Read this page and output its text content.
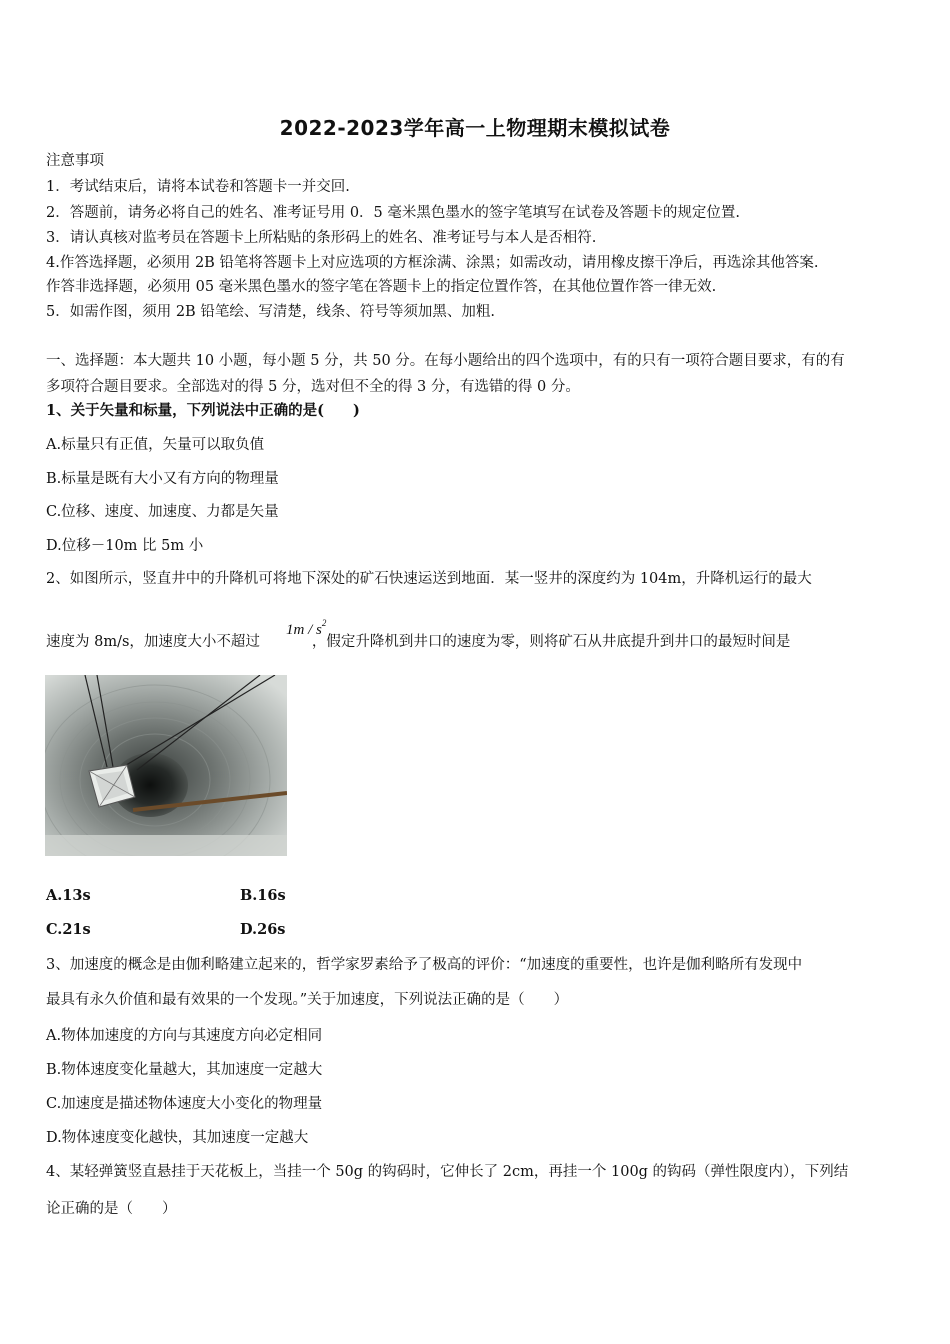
2022-2023学年高一上物理期末模拟试卷
注意事项
1．考试结束后，请将本试卷和答题卡一并交回.
2．答题前，请务必将自己的姓名、准考证号用 0．5 毫米黑色墨水的签字笔填写在试卷及答题卡的规定位置.
3．请认真核对监考员在答题卡上所粘贴的条形码上的姓名、准考证号与本人是否相符.
4.作答选择题，必须用 2B 铅笔将答题卡上对应选项的方框涂满、涂黑；如需改动，请用橡皮擦干净后，再选涂其他答案.
作答非选择题，必须用 05 毫米黑色墨水的签字笔在答题卡上的指定位置作答，在其他位置作答一律无效.
5．如需作图，须用 2B 铅笔绘、写清楚，线条、符号等须加黑、加粗.
一、选择题：本大题共 10 小题，每小题 5 分，共 50 分。在每小题给出的四个选项中，有的只有一项符合题目要求，有的有
多项符合题目要求。全部选对的得 5 分，选对但不全的得 3 分，有选错的得 0 分。
1、关于矢量和标量，下列说法中正确的是(　　)
A.标量只有正值，矢量可以取负值
B.标量是既有大小又有方向的物理量
C.位移、速度、加速度、力都是矢量
D.位移－10m 比 5m 小
2、如图所示，竖直井中的升降机可将地下深处的矿石快速运送到地面．某一竖井的深度约为 104m，升降机运行的最大
速度为 8m/s，加速度大小不超过	，假定升降机到井口的速度为零，则将矿石从井底提升到井口的最短时间是
$1m / s^2$
A.13s	B.16s
C.21s	D.26s
3、加速度的概念是由伽利略建立起来的，哲学家罗素给予了极高的评价：“加速度的重要性，也许是伽利略所有发现中
最具有永久价值和最有效果的一个发现。”关于加速度，下列说法正确的是（　　）
A.物体加速度的方向与其速度方向必定相同
B.物体速度变化量越大，其加速度一定越大
C.加速度是描述物体速度大小变化的物理量
D.物体速度变化越快，其加速度一定越大
4、某轻弹簧竖直悬挂于天花板上，当挂一个 50g 的钩码时，它伸长了 2cm，再挂一个 100g 的钩码（弹性限度内），下列结
论正确的是（　　）
